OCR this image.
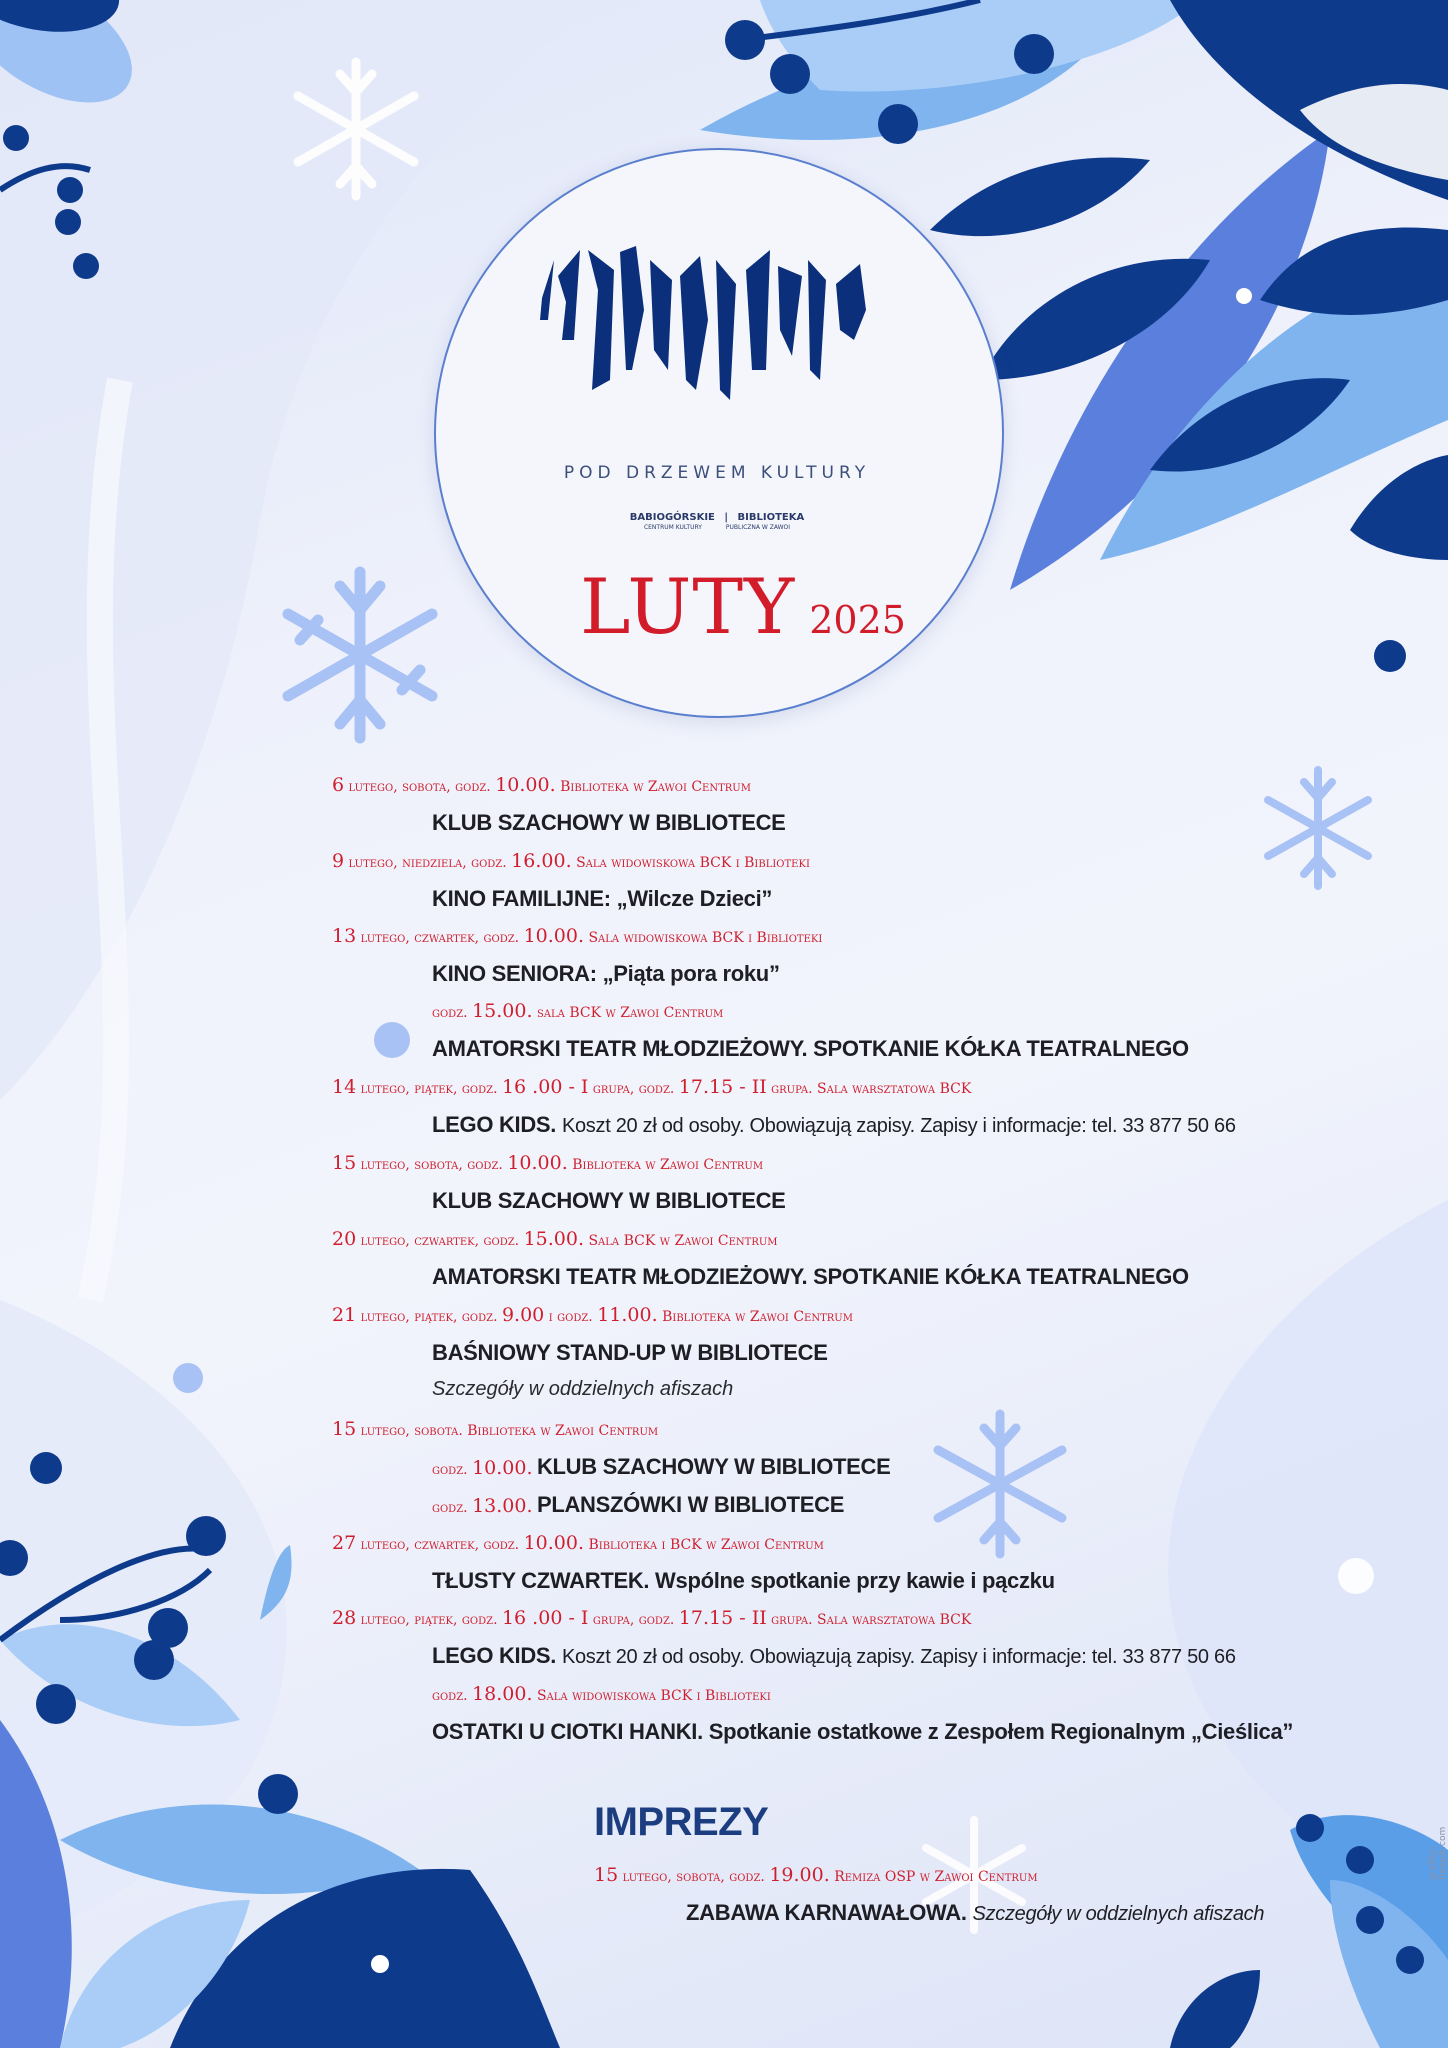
POD DRZEWEM KULTURY
BABIOGÓRSKIE | BIBLIOTEKA
CENTRUM KULTURY	PUBLICZNA W ZAWOI
LUTY 2025
6 lutego, sobota, godz. 10.00. Biblioteka w Zawoi Centrum
KLUB SZACHOWY W BIBLIOTECE
9 lutego, niedziela, godz. 16.00. Sala widowiskowa BCK i Biblioteki
KINO FAMILIJNE: „Wilcze Dzieci”
13 lutego, czwartek, godz. 10.00. Sala widowiskowa BCK i Biblioteki
KINO SENIORA: „Piąta pora roku”
godz. 15.00. sala BCK w Zawoi Centrum
AMATORSKI TEATR MŁODZIEŻOWY. SPOTKANIE KÓŁKA TEATRALNEGO
14 lutego, piątek, godz. 16 .00 - I grupa, godz. 17.15 - II grupa. Sala warsztatowa BCK
LEGO KIDS. Koszt 20 zł od osoby. Obowiązują zapisy. Zapisy i informacje: tel. 33 877 50 66
15 lutego, sobota, godz. 10.00. Biblioteka w Zawoi Centrum
KLUB SZACHOWY W BIBLIOTECE
20 lutego, czwartek, godz. 15.00. Sala BCK w Zawoi Centrum
AMATORSKI TEATR MŁODZIEŻOWY. SPOTKANIE KÓŁKA TEATRALNEGO
21 lutego, piątek, godz. 9.00 i godz. 11.00. Biblioteka w Zawoi Centrum
BAŚNIOWY STAND-UP W BIBLIOTECE
Szczegóły w oddzielnych afiszach
15 lutego, sobota. Biblioteka w Zawoi Centrum
godz. 10.00. KLUB SZACHOWY W BIBLIOTECE
godz. 13.00. PLANSZÓWKI W BIBLIOTECE
27 lutego, czwartek, godz. 10.00. Biblioteka i BCK w Zawoi Centrum
TŁUSTY CZWARTEK. Wspólne spotkanie przy kawie i pączku
28 lutego, piątek, godz. 16 .00 - I grupa, godz. 17.15 - II grupa. Sala warsztatowa BCK
LEGO KIDS. Koszt 20 zł od osoby. Obowiązują zapisy. Zapisy i informacje: tel. 33 877 50 66
godz. 18.00. Sala widowiskowa BCK i Biblioteki
OSTATKI U CIOTKI HANKI. Spotkanie ostatkowe z Zespołem Regionalnym „Cieślica”
IMPREZY
15 lutego, sobota, godz. 19.00. Remiza OSP w Zawoi Centrum
ZABAWA KARNAWAŁOWA. Szczegóły w oddzielnych afiszach
grafika: freepik.com
